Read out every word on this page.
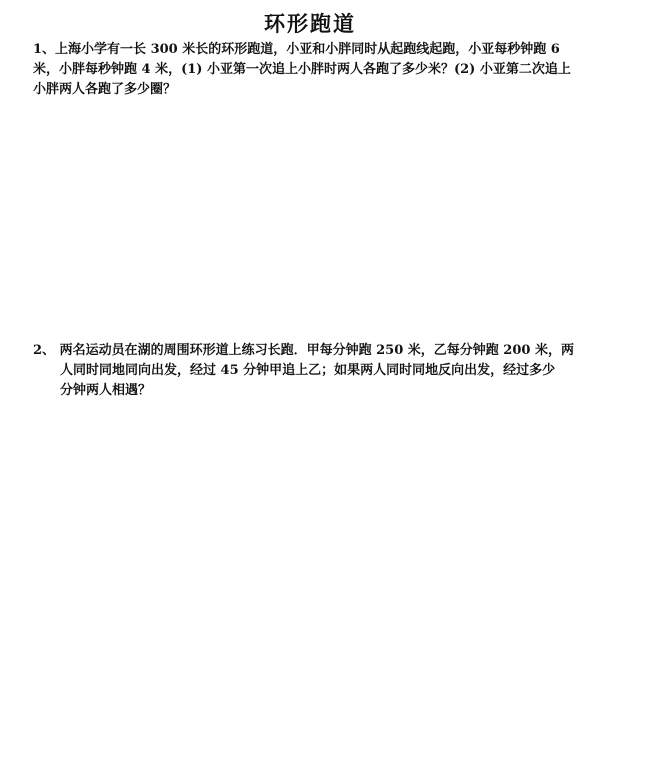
环形跑道
1、上海小学有一长 300 米长的环形跑道，小亚和小胖同时从起跑线起跑，小亚每秒钟跑 6
米，小胖每秒钟跑 4 米，(1) 小亚第一次追上小胖时两人各跑了多少米？(2) 小亚第二次追上
小胖两人各跑了多少圈？
2、 两名运动员在湖的周围环形道上练习长跑．甲每分钟跑 250 米，乙每分钟跑 200 米，两
人同时同地同向出发，经过 45 分钟甲追上乙；如果两人同时同地反向出发，经过多少
分钟两人相遇？
